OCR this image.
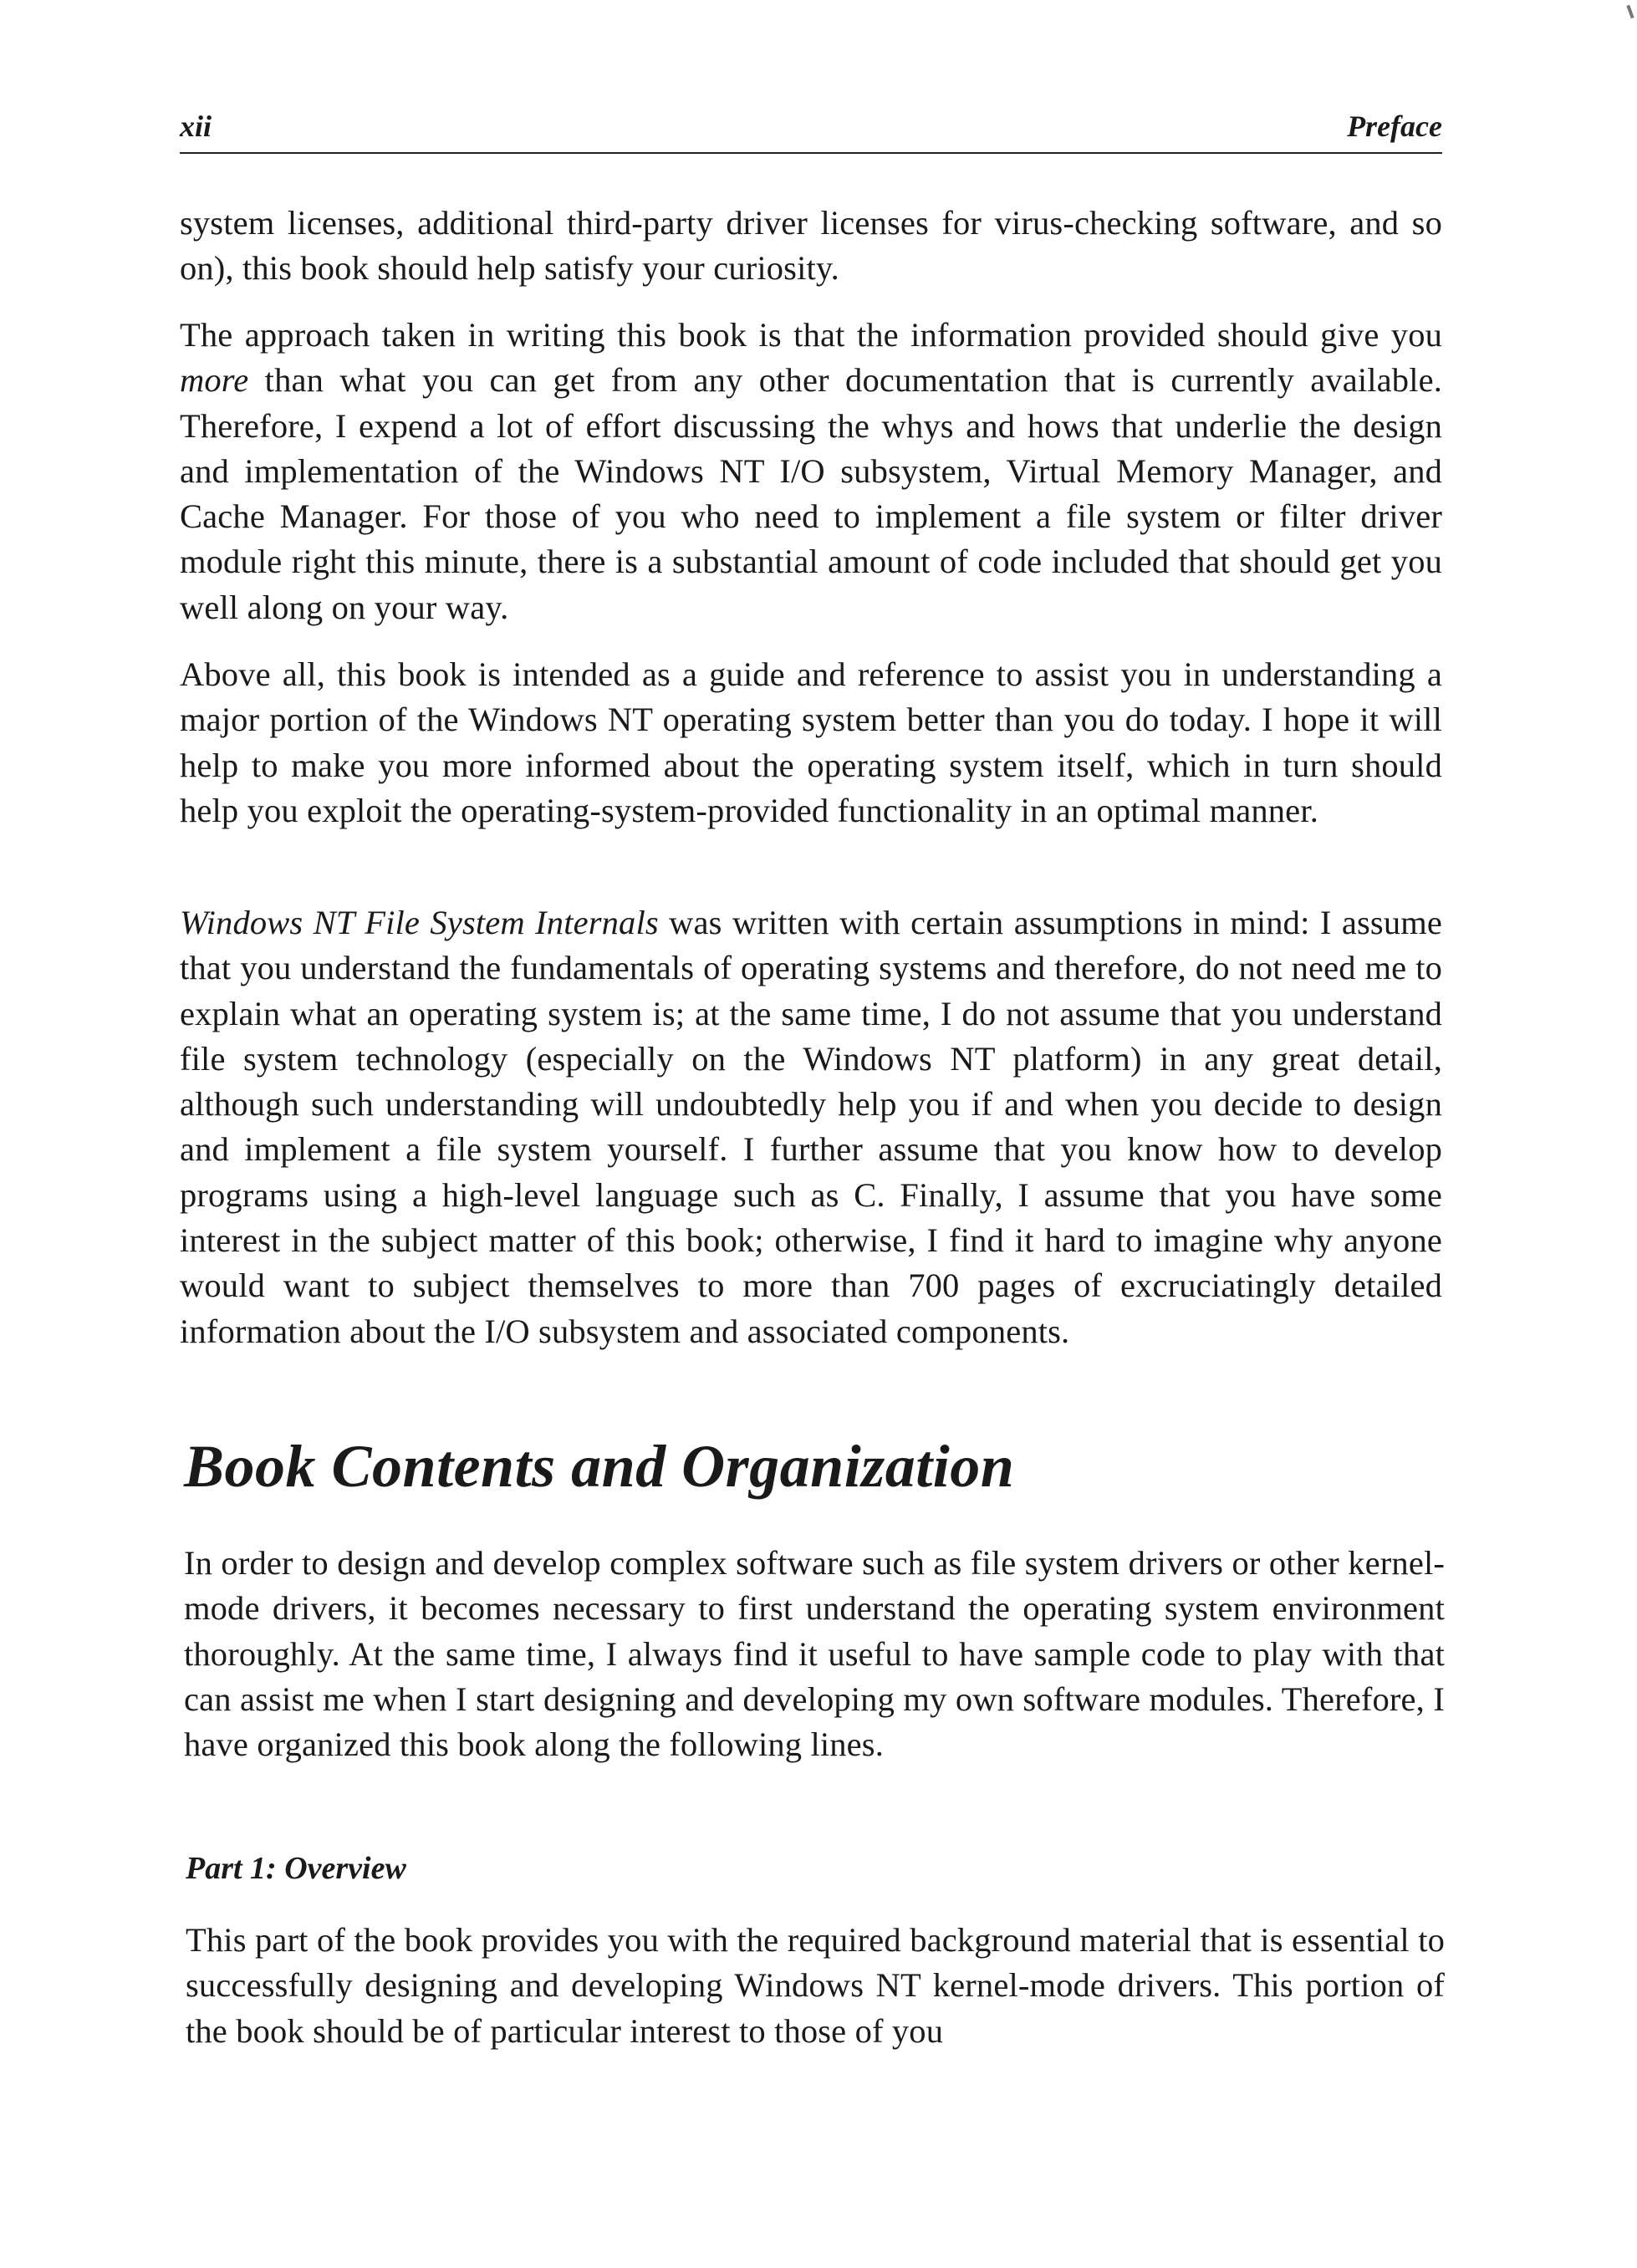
xii	Preface

system licenses, additional third-party driver licenses for virus-checking software, and so on), this book should help satisfy your curiosity.

The approach taken in writing this book is that the information provided should give you more than what you can get from any other documentation that is currently available. Therefore, I expend a lot of effort discussing the whys and hows that underlie the design and implementation of the Windows NT I/O subsystem, Virtual Memory Manager, and Cache Manager. For those of you who need to implement a file system or filter driver module right this minute, there is a substantial amount of code included that should get you well along on your way.

Above all, this book is intended as a guide and reference to assist you in understanding a major portion of the Windows NT operating system better than you do today. I hope it will help to make you more informed about the operating system itself, which in turn should help you exploit the operating-system-provided functionality in an optimal manner.

Windows NT File System Internals was written with certain assumptions in mind: I assume that you understand the fundamentals of operating systems and therefore, do not need me to explain what an operating system is; at the same time, I do not assume that you understand file system technology (especially on the Windows NT platform) in any great detail, although such understanding will undoubtedly help you if and when you decide to design and implement a file system yourself. I further assume that you know how to develop programs using a high-level language such as C. Finally, I assume that you have some interest in the subject matter of this book; otherwise, I find it hard to imagine why anyone would want to subject themselves to more than 700 pages of excruciatingly detailed information about the I/O subsystem and associated components.

Book Contents and Organization

In order to design and develop complex software such as file system drivers or other kernel-mode drivers, it becomes necessary to first understand the operating system environment thoroughly. At the same time, I always find it useful to have sample code to play with that can assist me when I start designing and developing my own software modules. Therefore, I have organized this book along the following lines.

Part 1: Overview

This part of the book provides you with the required background material that is essential to successfully designing and developing Windows NT kernel-mode drivers. This portion of the book should be of particular interest to those of you
